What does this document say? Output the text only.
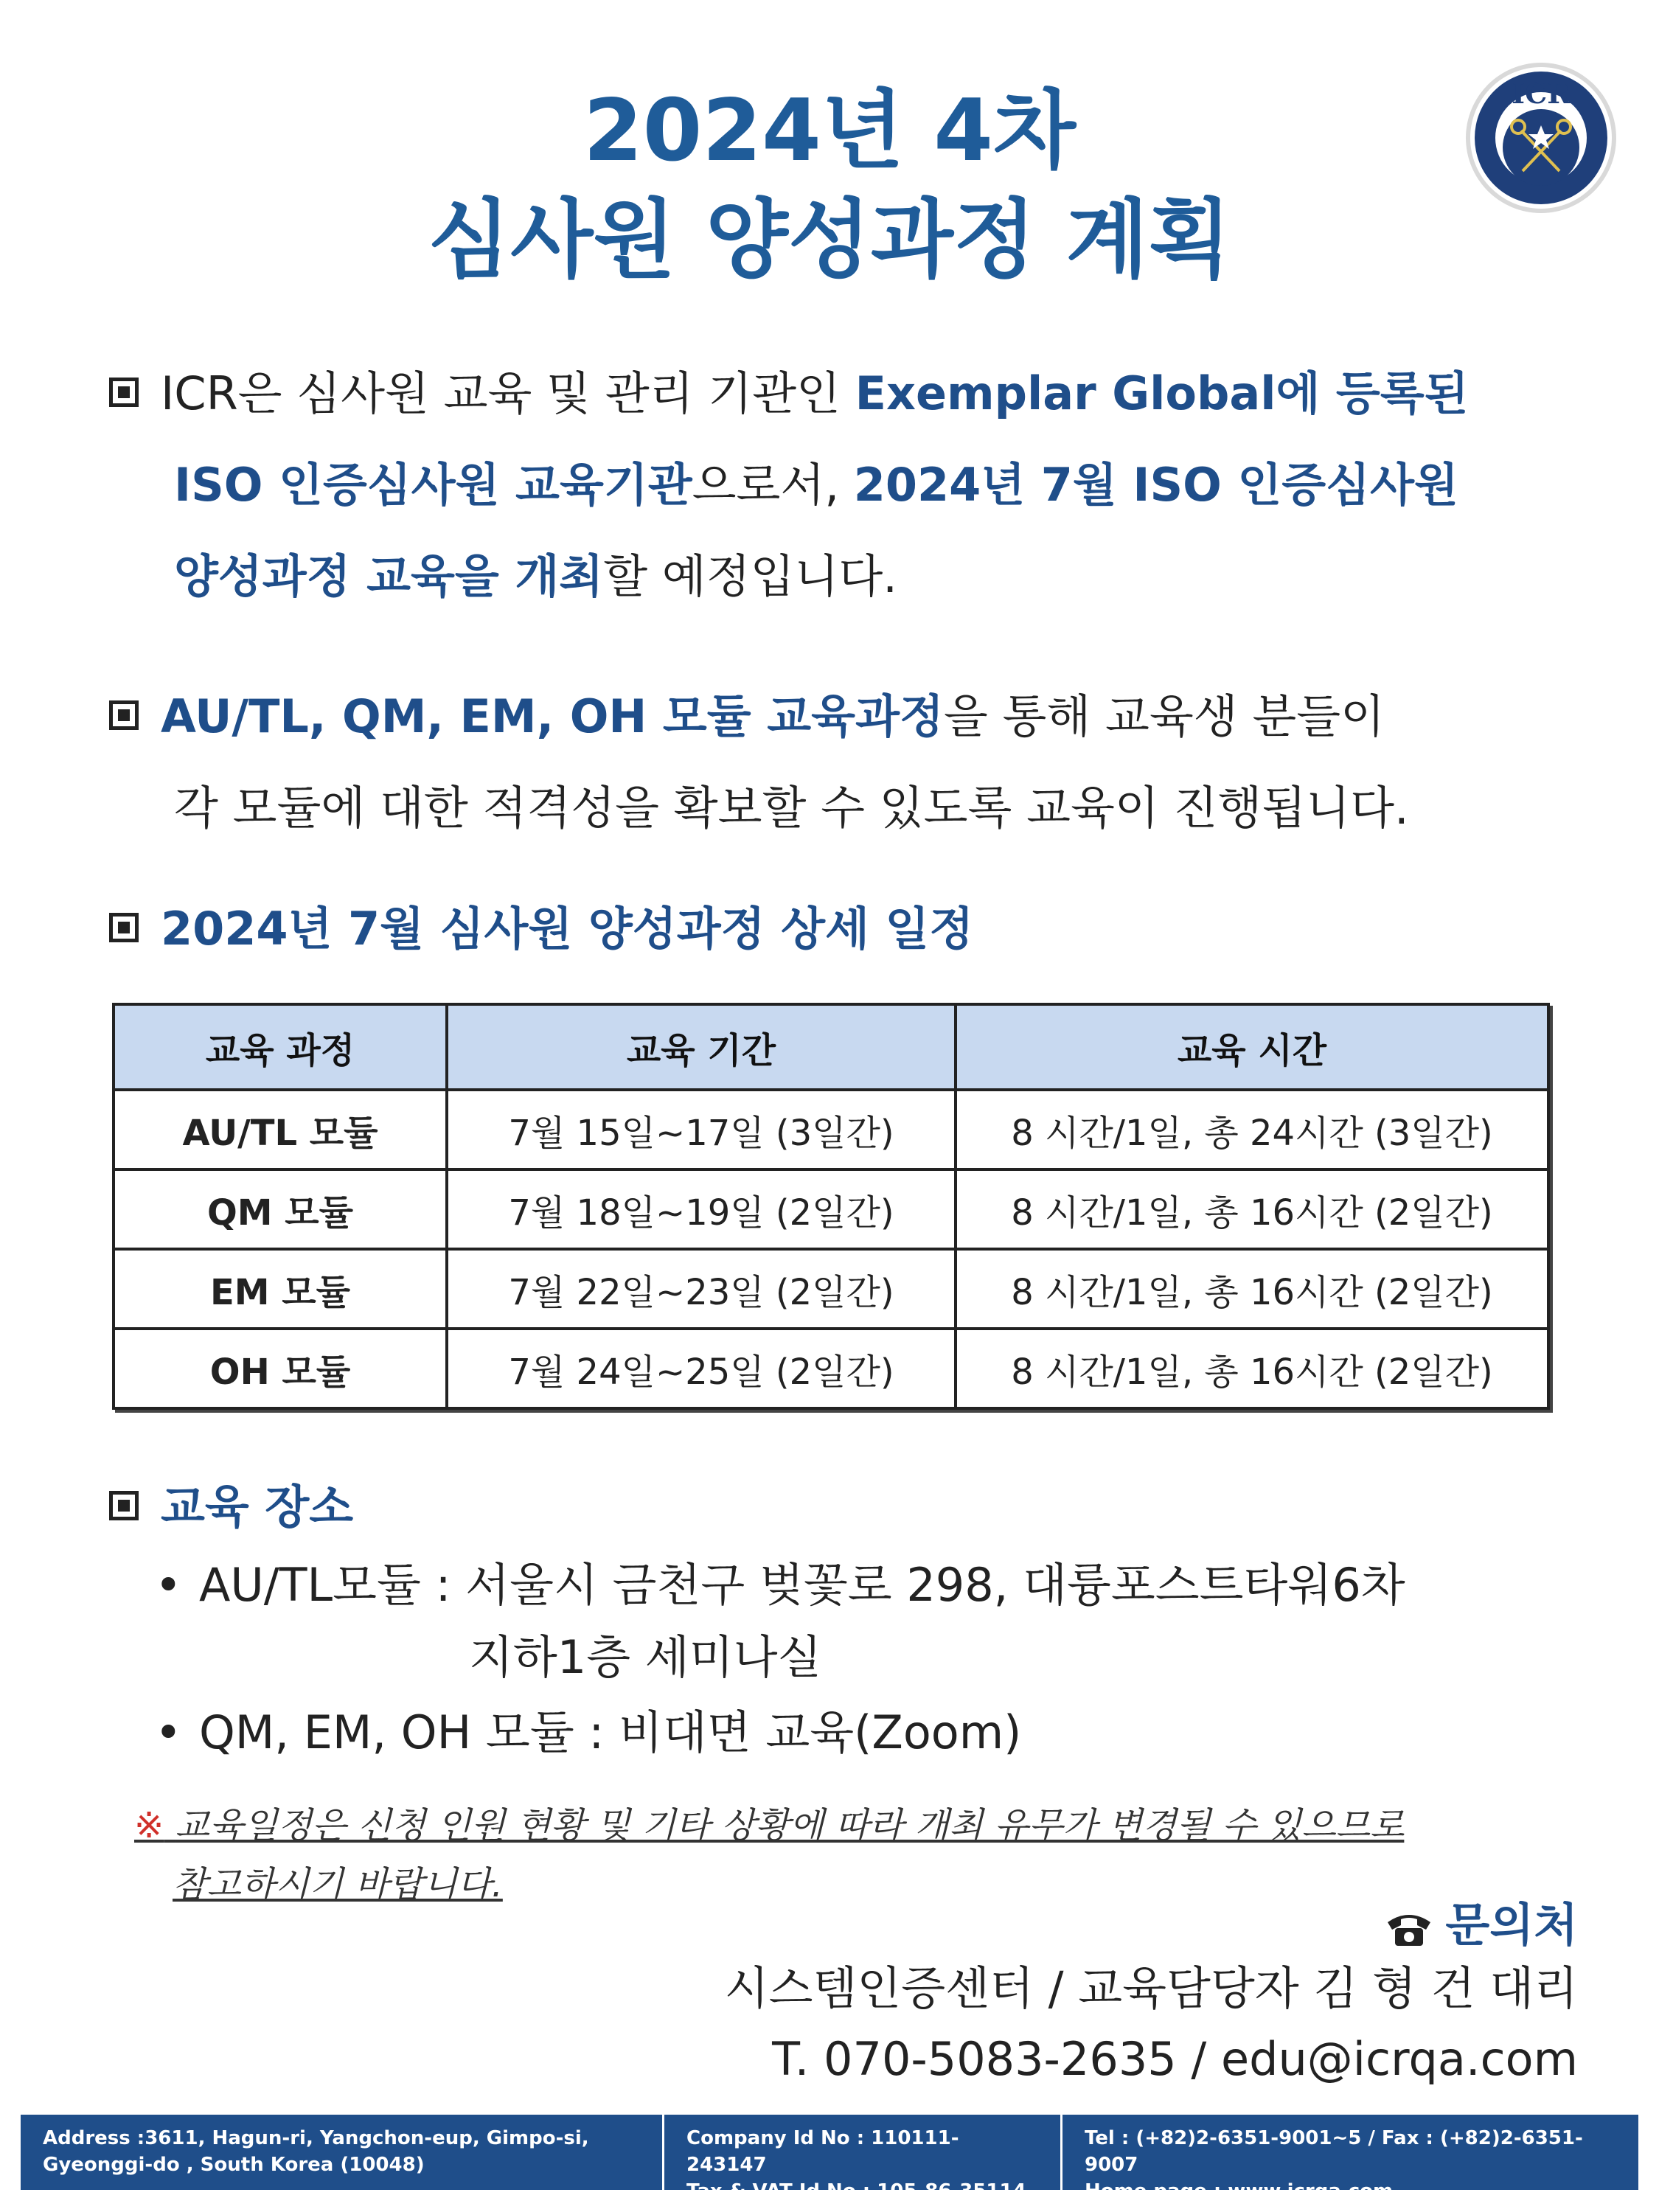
2024년 4차
심사원 양성과정 계획
ICR
ICR은 심사원 교육 및 관리 기관인 Exemplar Global에 등록된
ISO 인증심사원 교육기관으로서, 2024년 7월 ISO 인증심사원
양성과정 교육을 개최할 예정입니다.
AU/TL, QM, EM, OH 모듈 교육과정을 통해 교육생 분들이
각 모듈에 대한 적격성을 확보할 수 있도록 교육이 진행됩니다.
2024년 7월 심사원 양성과정 상세 일정
교육 과정	교육 기간	교육 시간
AU/TL 모듈	7월 15일~17일 (3일간)	8 시간/1일, 총 24시간 (3일간)
QM 모듈	7월 18일~19일 (2일간)	8 시간/1일, 총 16시간 (2일간)
EM 모듈	7월 22일~23일 (2일간)	8 시간/1일, 총 16시간 (2일간)
OH 모듈	7월 24일~25일 (2일간)	8 시간/1일, 총 16시간 (2일간)
교육 장소
• AU/TL모듈 : 서울시 금천구 벚꽃로 298, 대륭포스트타워6차
지하1층 세미나실
• QM, EM, OH 모듈 : 비대면 교육(Zoom)
※ 교육일정은 신청 인원 현황 및 기타 상황에 따라 개최 유무가 변경될 수 있으므로
참고하시기 바랍니다.
문의처
시스템인증센터 / 교육담당자 김 형 건 대리
T. 070-5083-2635 / edu@icrqa.com
Address :3611, Hagun-ri, Yangchon-eup, Gimpo-si,
Gyeonggi-do , South Korea (10048)
Company Id No : 110111-243147
Tax & VAT Id No : 105-86-35114
Tel : (+82)2-6351-9001~5 / Fax : (+82)2-6351-9007
Home page : www.icrqa.com
